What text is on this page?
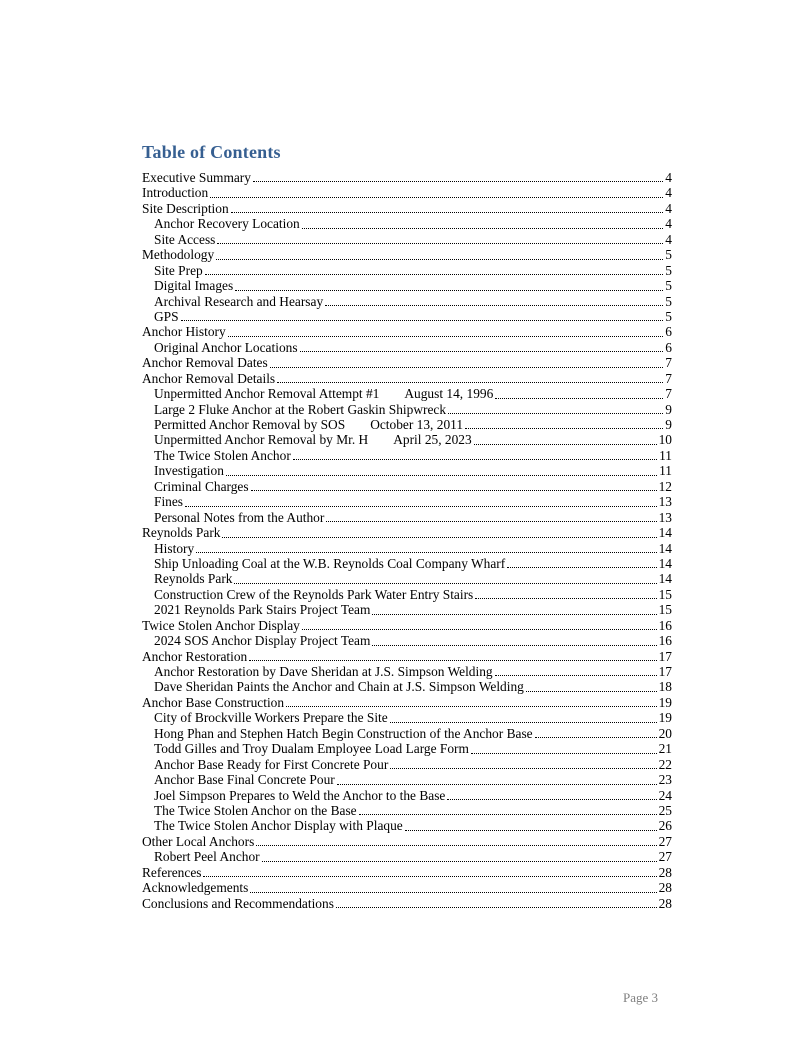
Table of Contents
Executive Summary	4
Introduction	4
Site Description	4
Anchor Recovery Location	4
Site Access	4
Methodology	5
Site Prep	5
Digital Images	5
Archival Research and Hearsay	5
GPS	5
Anchor History	6
Original Anchor Locations	6
Anchor Removal Dates	7
Anchor Removal Details	7
Unpermitted Anchor Removal Attempt #1 August 14, 1996	7
Large 2 Fluke Anchor at the Robert Gaskin Shipwreck	9
Permitted Anchor Removal by SOS October 13, 2011	9
Unpermitted Anchor Removal by Mr. H April 25, 2023	10
The Twice Stolen Anchor	11
Investigation	11
Criminal Charges	12
Fines	13
Personal Notes from the Author	13
Reynolds Park	14
History	14
Ship Unloading Coal at the W.B. Reynolds Coal Company Wharf	14
Reynolds Park	14
Construction Crew of the Reynolds Park Water Entry Stairs	15
2021 Reynolds Park Stairs Project Team	15
Twice Stolen Anchor Display	16
2024 SOS Anchor Display Project Team	16
Anchor Restoration	17
Anchor Restoration by Dave Sheridan at J.S. Simpson Welding	17
Dave Sheridan Paints the Anchor and Chain at J.S. Simpson Welding	18
Anchor Base Construction	19
City of Brockville Workers Prepare the Site	19
Hong Phan and Stephen Hatch Begin Construction of the Anchor Base	20
Todd Gilles and Troy Dualam Employee Load Large Form	21
Anchor Base Ready for First Concrete Pour	22
Anchor Base Final Concrete Pour	23
Joel Simpson Prepares to Weld the Anchor to the Base	24
The Twice Stolen Anchor on the Base	25
The Twice Stolen Anchor Display with Plaque	26
Other Local Anchors	27
Robert Peel Anchor	27
References	28
Acknowledgements	28
Conclusions and Recommendations	28
Page 3
